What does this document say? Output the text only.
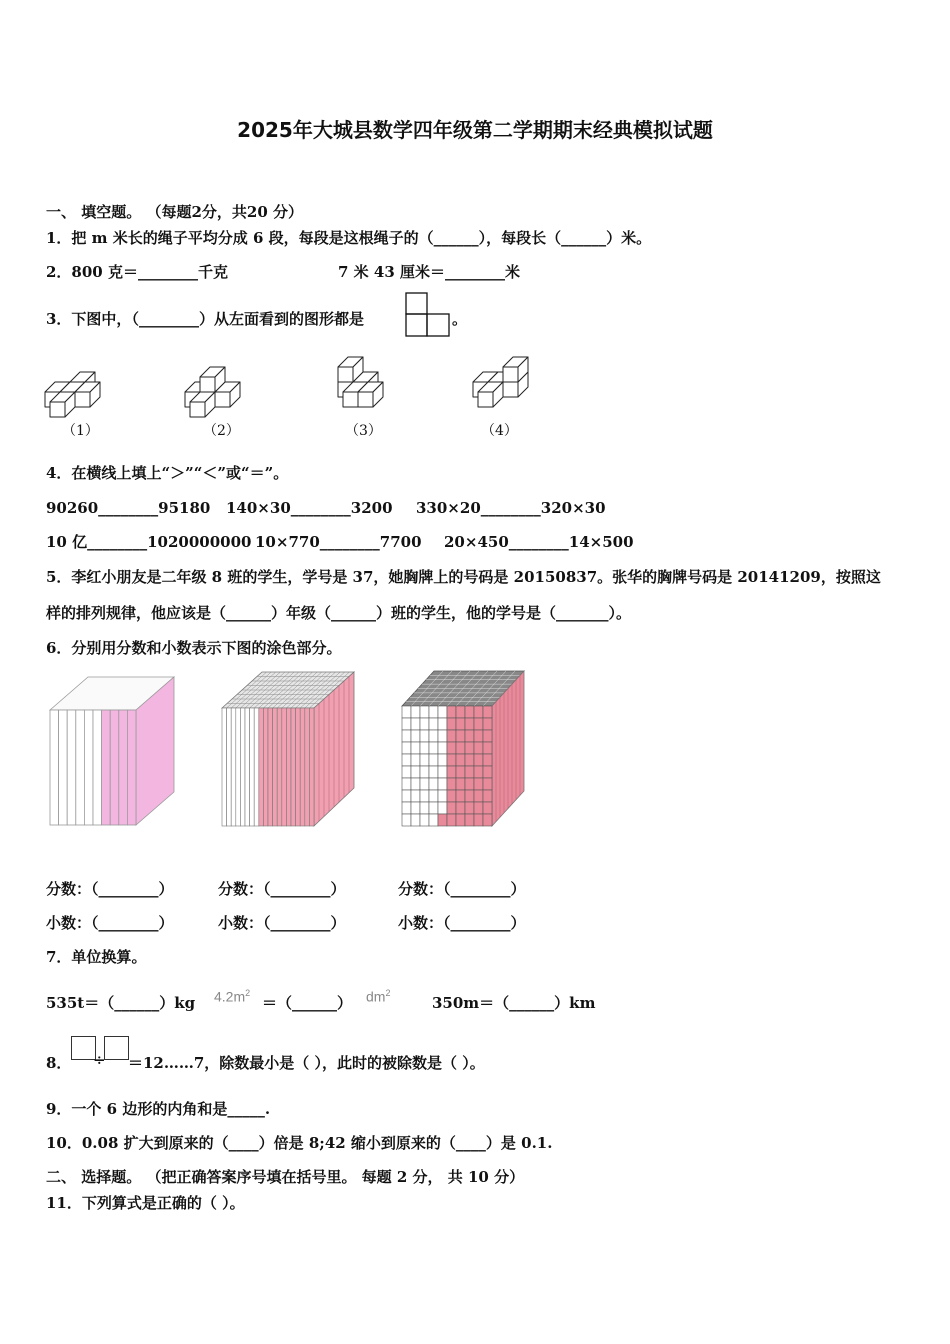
2025年大城县数学四年级第二学期期末经典模拟试题
一、 填空题。 （每题2分，共20 分）
1．把 m 米长的绳子平均分成 6 段，每段是这根绳子的（______），每段长（______）米。
2．800 克＝________千克	7 米 43 厘米＝________米
3．下图中，（________）从左面看到的图形都是	。
（1）	（2）	（3）	（4）
4．在横线上填上“＞”“＜”或“＝”。
90260________95180 140×30________3200 330×20________320×30
10 亿________1020000000 10×770________7700 20×450________14×500
5．李红小朋友是二年级 8 班的学生，学号是 37，她胸牌上的号码是 20150837。张华的胸牌号码是 20141209，按照这
样的排列规律，他应该是（______）年级（______）班的学生，他的学号是（_______）。
6．分别用分数和小数表示下图的涂色部分。
分数：（________）	分数：（________）	分数：（________）
小数：（________）	小数：（________）	小数：（________）
7．单位换算。
535t＝（______）kg $4.2m^2$
＝（______） $dm^2$
350m＝（______）km
8． ÷ ＝12……7，除数最小是（ ），此时的被除数是（ ）。
9．一个 6 边形的内角和是_____.
10．0.08 扩大到原来的（____）倍是 8;42 缩小到原来的（____）是 0.1.
二、 选择题。 （把正确答案序号填在括号里。 每题 2 分， 共 10 分）
11．下列算式是正确的（ ）。
